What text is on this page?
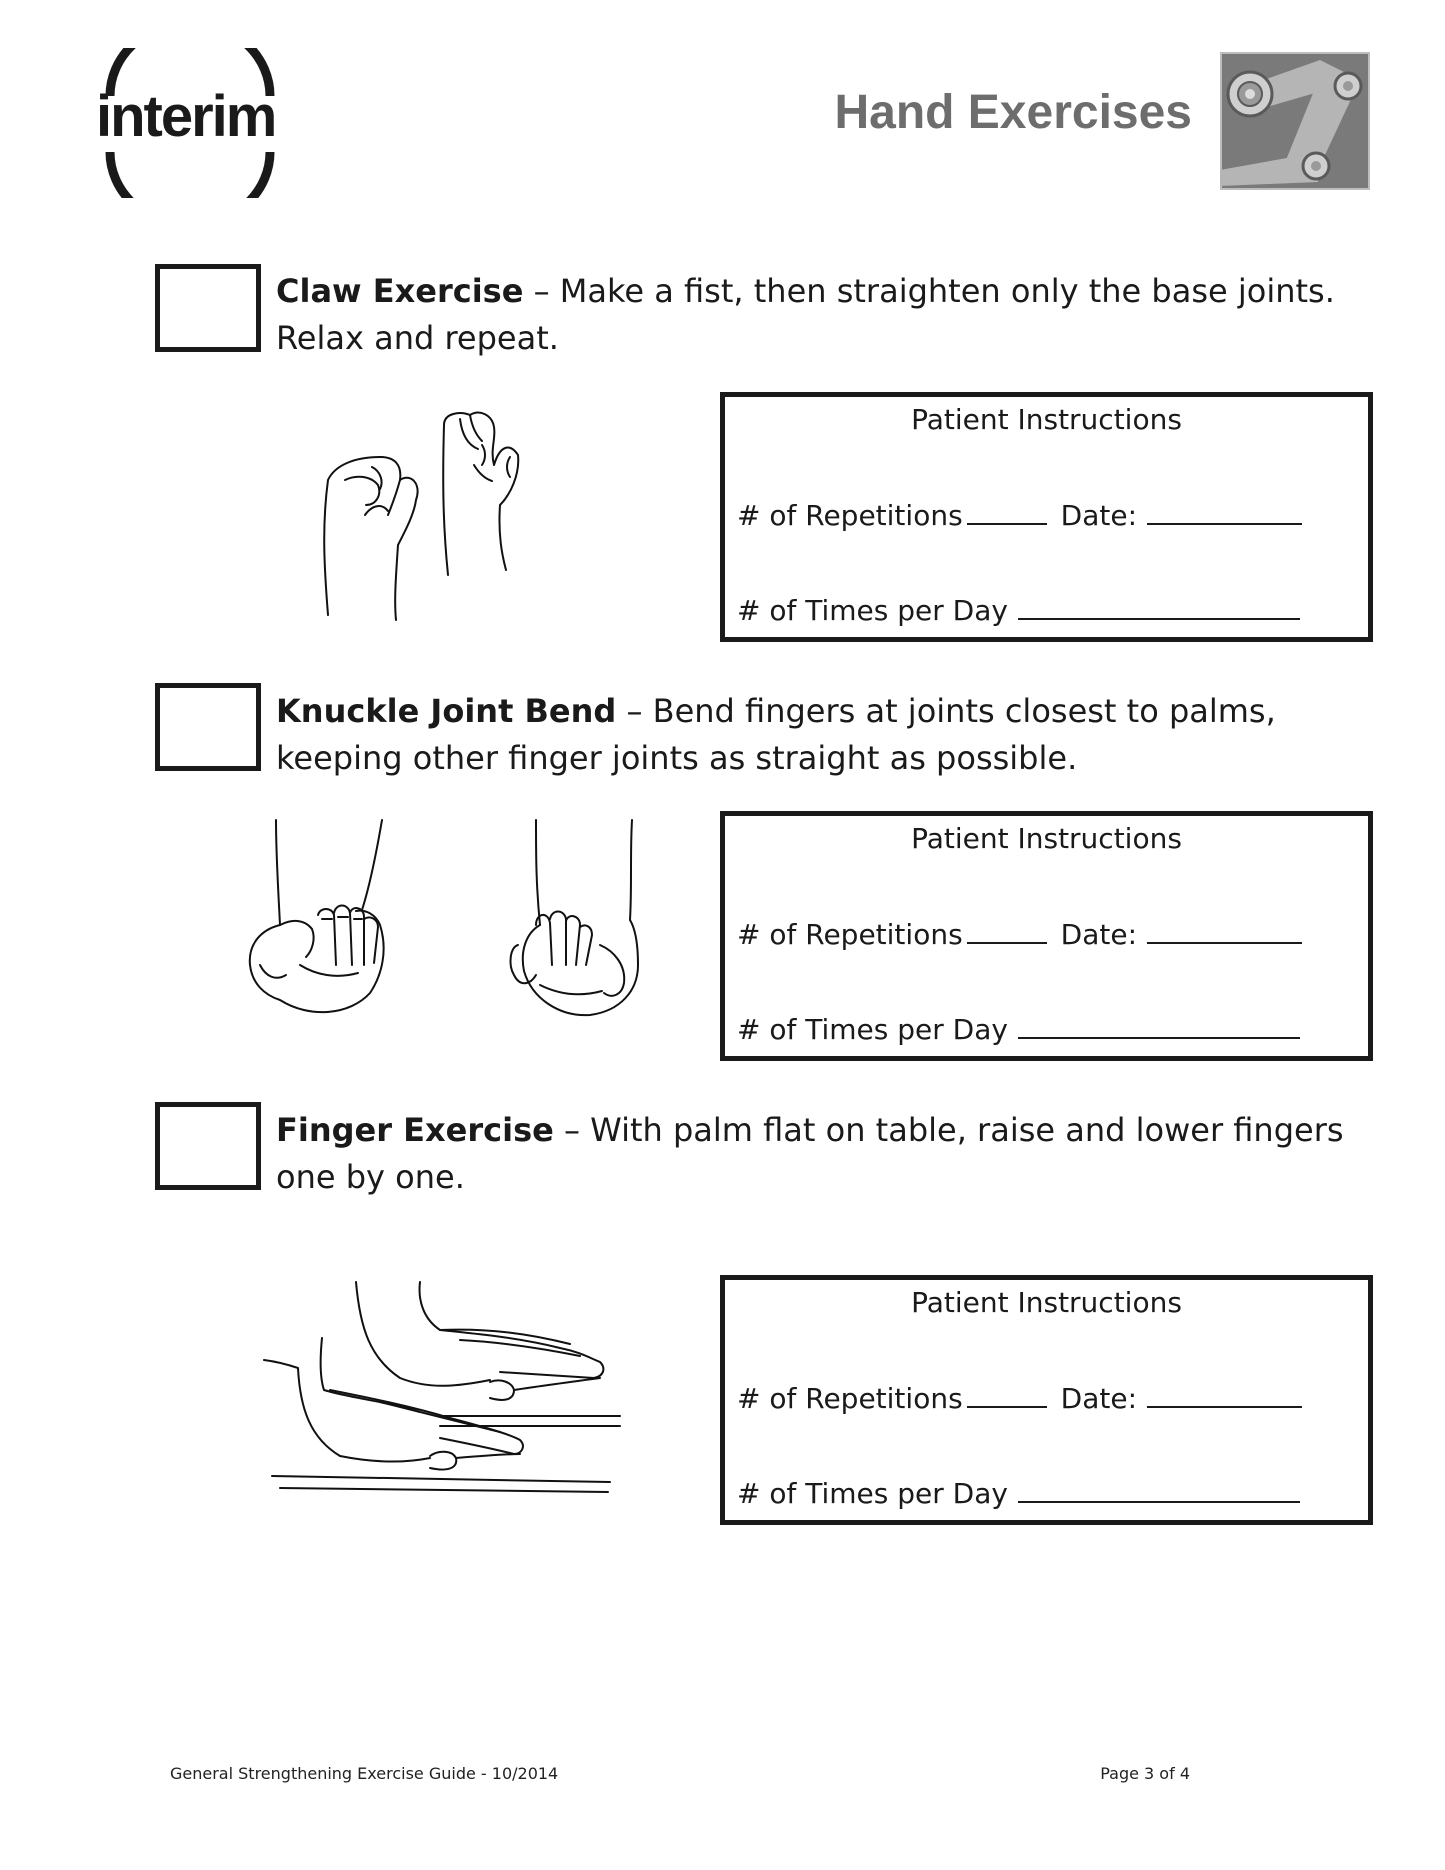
interim	Hand Exercises
Claw Exercise – Make a fist, then straighten only the base joints. Relax and repeat.
Patient Instructions
# of Repetitions	Date:
# of Times per Day
Knuckle Joint Bend – Bend fingers at joints closest to palms, keeping other finger joints as straight as possible.
Patient Instructions
# of Repetitions	Date:
# of Times per Day
Finger Exercise – With palm flat on table, raise and lower fingers one by one.
Patient Instructions
# of Repetitions	Date:
# of Times per Day
General Strengthening Exercise Guide - 10/2014	Page 3 of 4
